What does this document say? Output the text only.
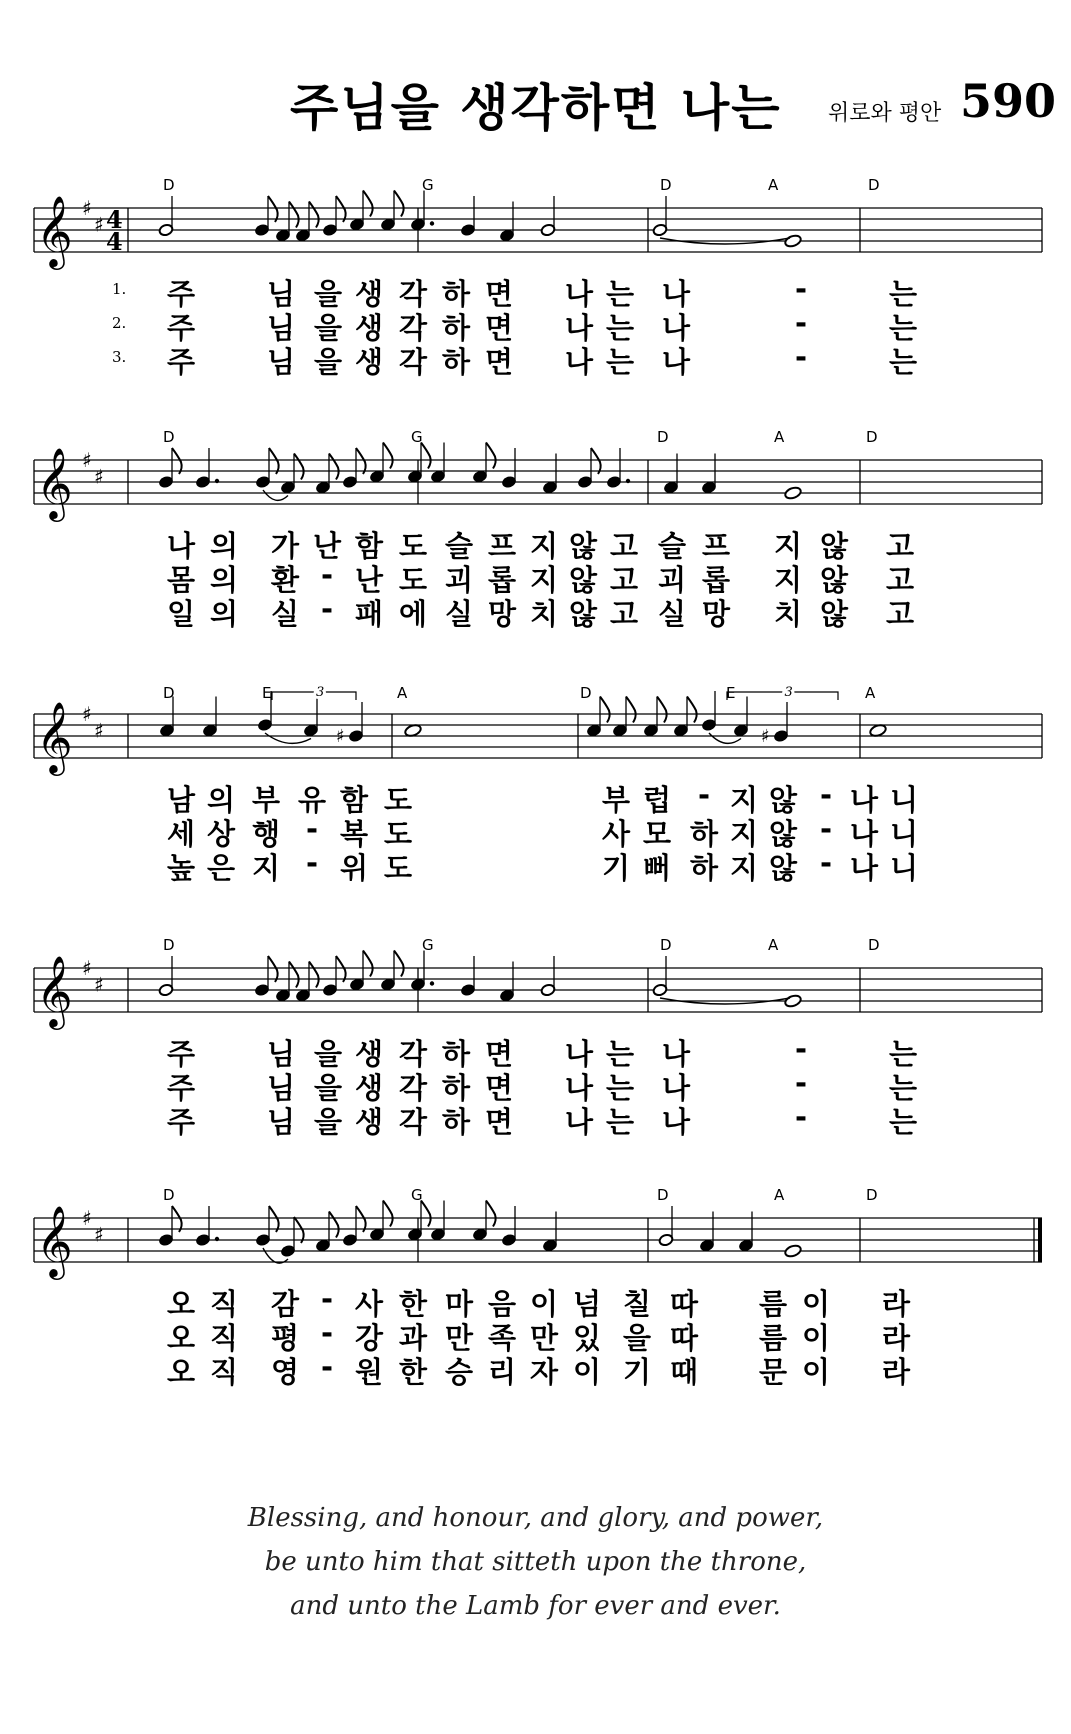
주님을 생각하면 나는 위로와 평안 590
𝄞 ♯
♯ 4
4
D	G	D	A	D
1. 주 님 을 생 각 하 면 나 는 나	-	는
2. 주 님 을 생 각 하 면 나 는 나	-	는
3. 주 님 을 생 각 하 면 나 는 나	-	는
𝄞 ♯
♯
D	G	D	A	D
나 의 가 난 함 도 슬 프 지 않 고 슬 프 지 않 고
몸 의 환 - 난 도 괴 롭 지 않 고 괴 롭 지 않 고
일 의 실 - 패 에 실 망 치 않 고 실 망 치 않 고
𝄞 ♯
♯	♯	♯
3	3
D	E	A	D	E	A
남 의 부 유 함 도	부 럽 - 지 않 - 나 니
세 상 행 - 복 도	사 모 하 지 않 - 나 니
높 은 지 - 위 도	기 뻐 하 지 않 - 나 니
𝄞 ♯
♯
D	G	D	A	D
주 님 을 생 각 하 면 나 는 나	-	는
주 님 을 생 각 하 면 나 는 나	-	는
주 님 을 생 각 하 면 나 는 나	-	는
𝄞 ♯
♯
D	G	D	A	D
오 직 감 - 사 한 마 음 이 넘 칠 따 름 이 라
오 직 평 - 강 과 만 족 만 있 을 따 름 이 라
오 직 영 - 원 한 승 리 자 이 기 때 문 이 라
Blessing, and honour, and glory, and power,
be unto him that sitteth upon the throne,
and unto the Lamb for ever and ever.
